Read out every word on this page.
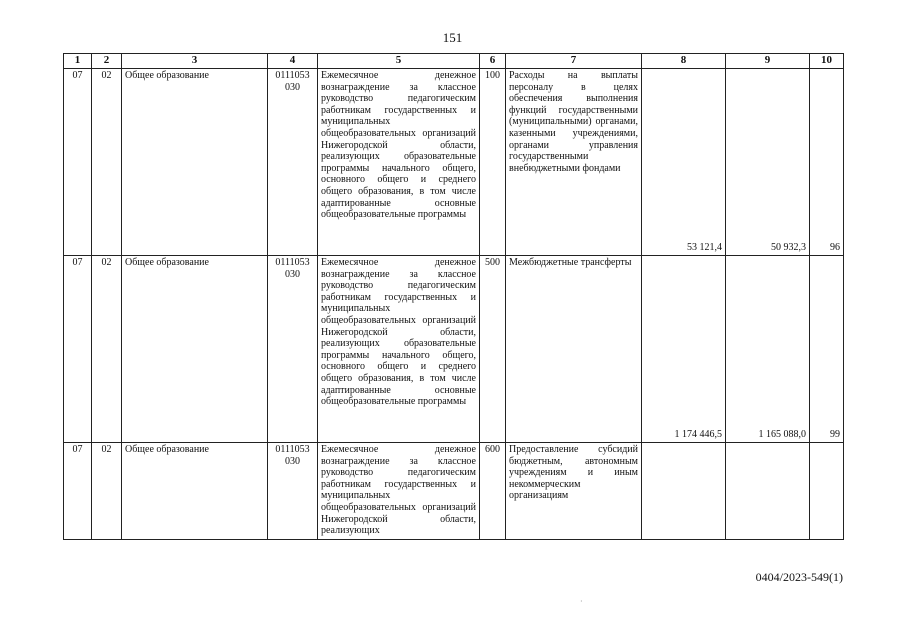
151
1	2	3	4	5	6	7	8	9	10
07	02	Общее образование	0111053 030	Ежемесячное денежное вознаграждение за классное руководство педагогическим работникам государственных и муниципальных общеобразовательных организаций Нижегородской области, реализующих образовательные программы начального общего, основного общего и среднего общего образования, в том числе адаптированные основные общеобразовательные программы	100	Расходы на выплаты персоналу в целях обеспечения выполнения функций государственными (муниципальными) органами, казенными учреждениями, органами управления государственными внебюджетными фондами	53 121,4	50 932,3	96
07	02	Общее образование	0111053 030	Ежемесячное денежное вознаграждение за классное руководство педагогическим работникам государственных и муниципальных общеобразовательных организаций Нижегородской области, реализующих образовательные программы начального общего, основного общего и среднего общего образования, в том числе адаптированные основные общеобразовательные программы	500	Межбюджетные трансферты	1 174 446,5	1 165 088,0	99
07	02	Общее образование	0111053 030	Ежемесячное денежное вознаграждение за классное руководство педагогическим работникам государственных и муниципальных общеобразовательных организаций Нижегородской области, реализующих	600	Предоставление субсидий бюджетным, автономным учреждениям и иным некоммерческим организациям			
0404/2023-549(1)
·
